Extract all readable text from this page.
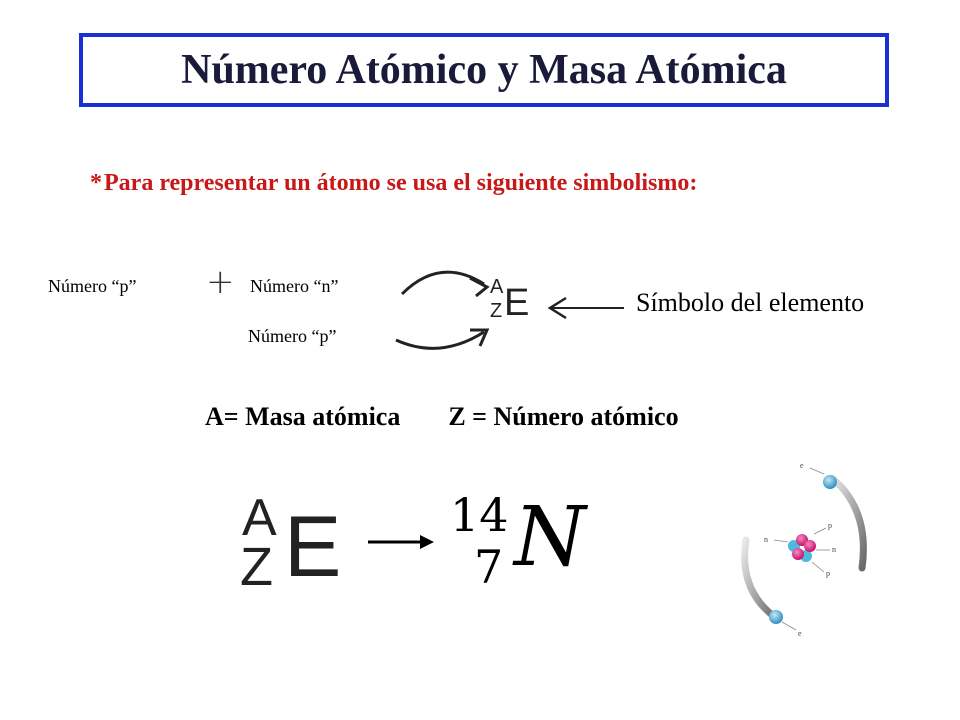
Número Atómico y Masa Atómica
*Para representar un átomo se usa el siguiente simbolismo:
Número “p” + Número “n”
Número “p”
A
Z E	Símbolo del elemento
A= Masa atómica Z = Número atómico
A
Z E 14
7 N
e
p
n
n
p
e
